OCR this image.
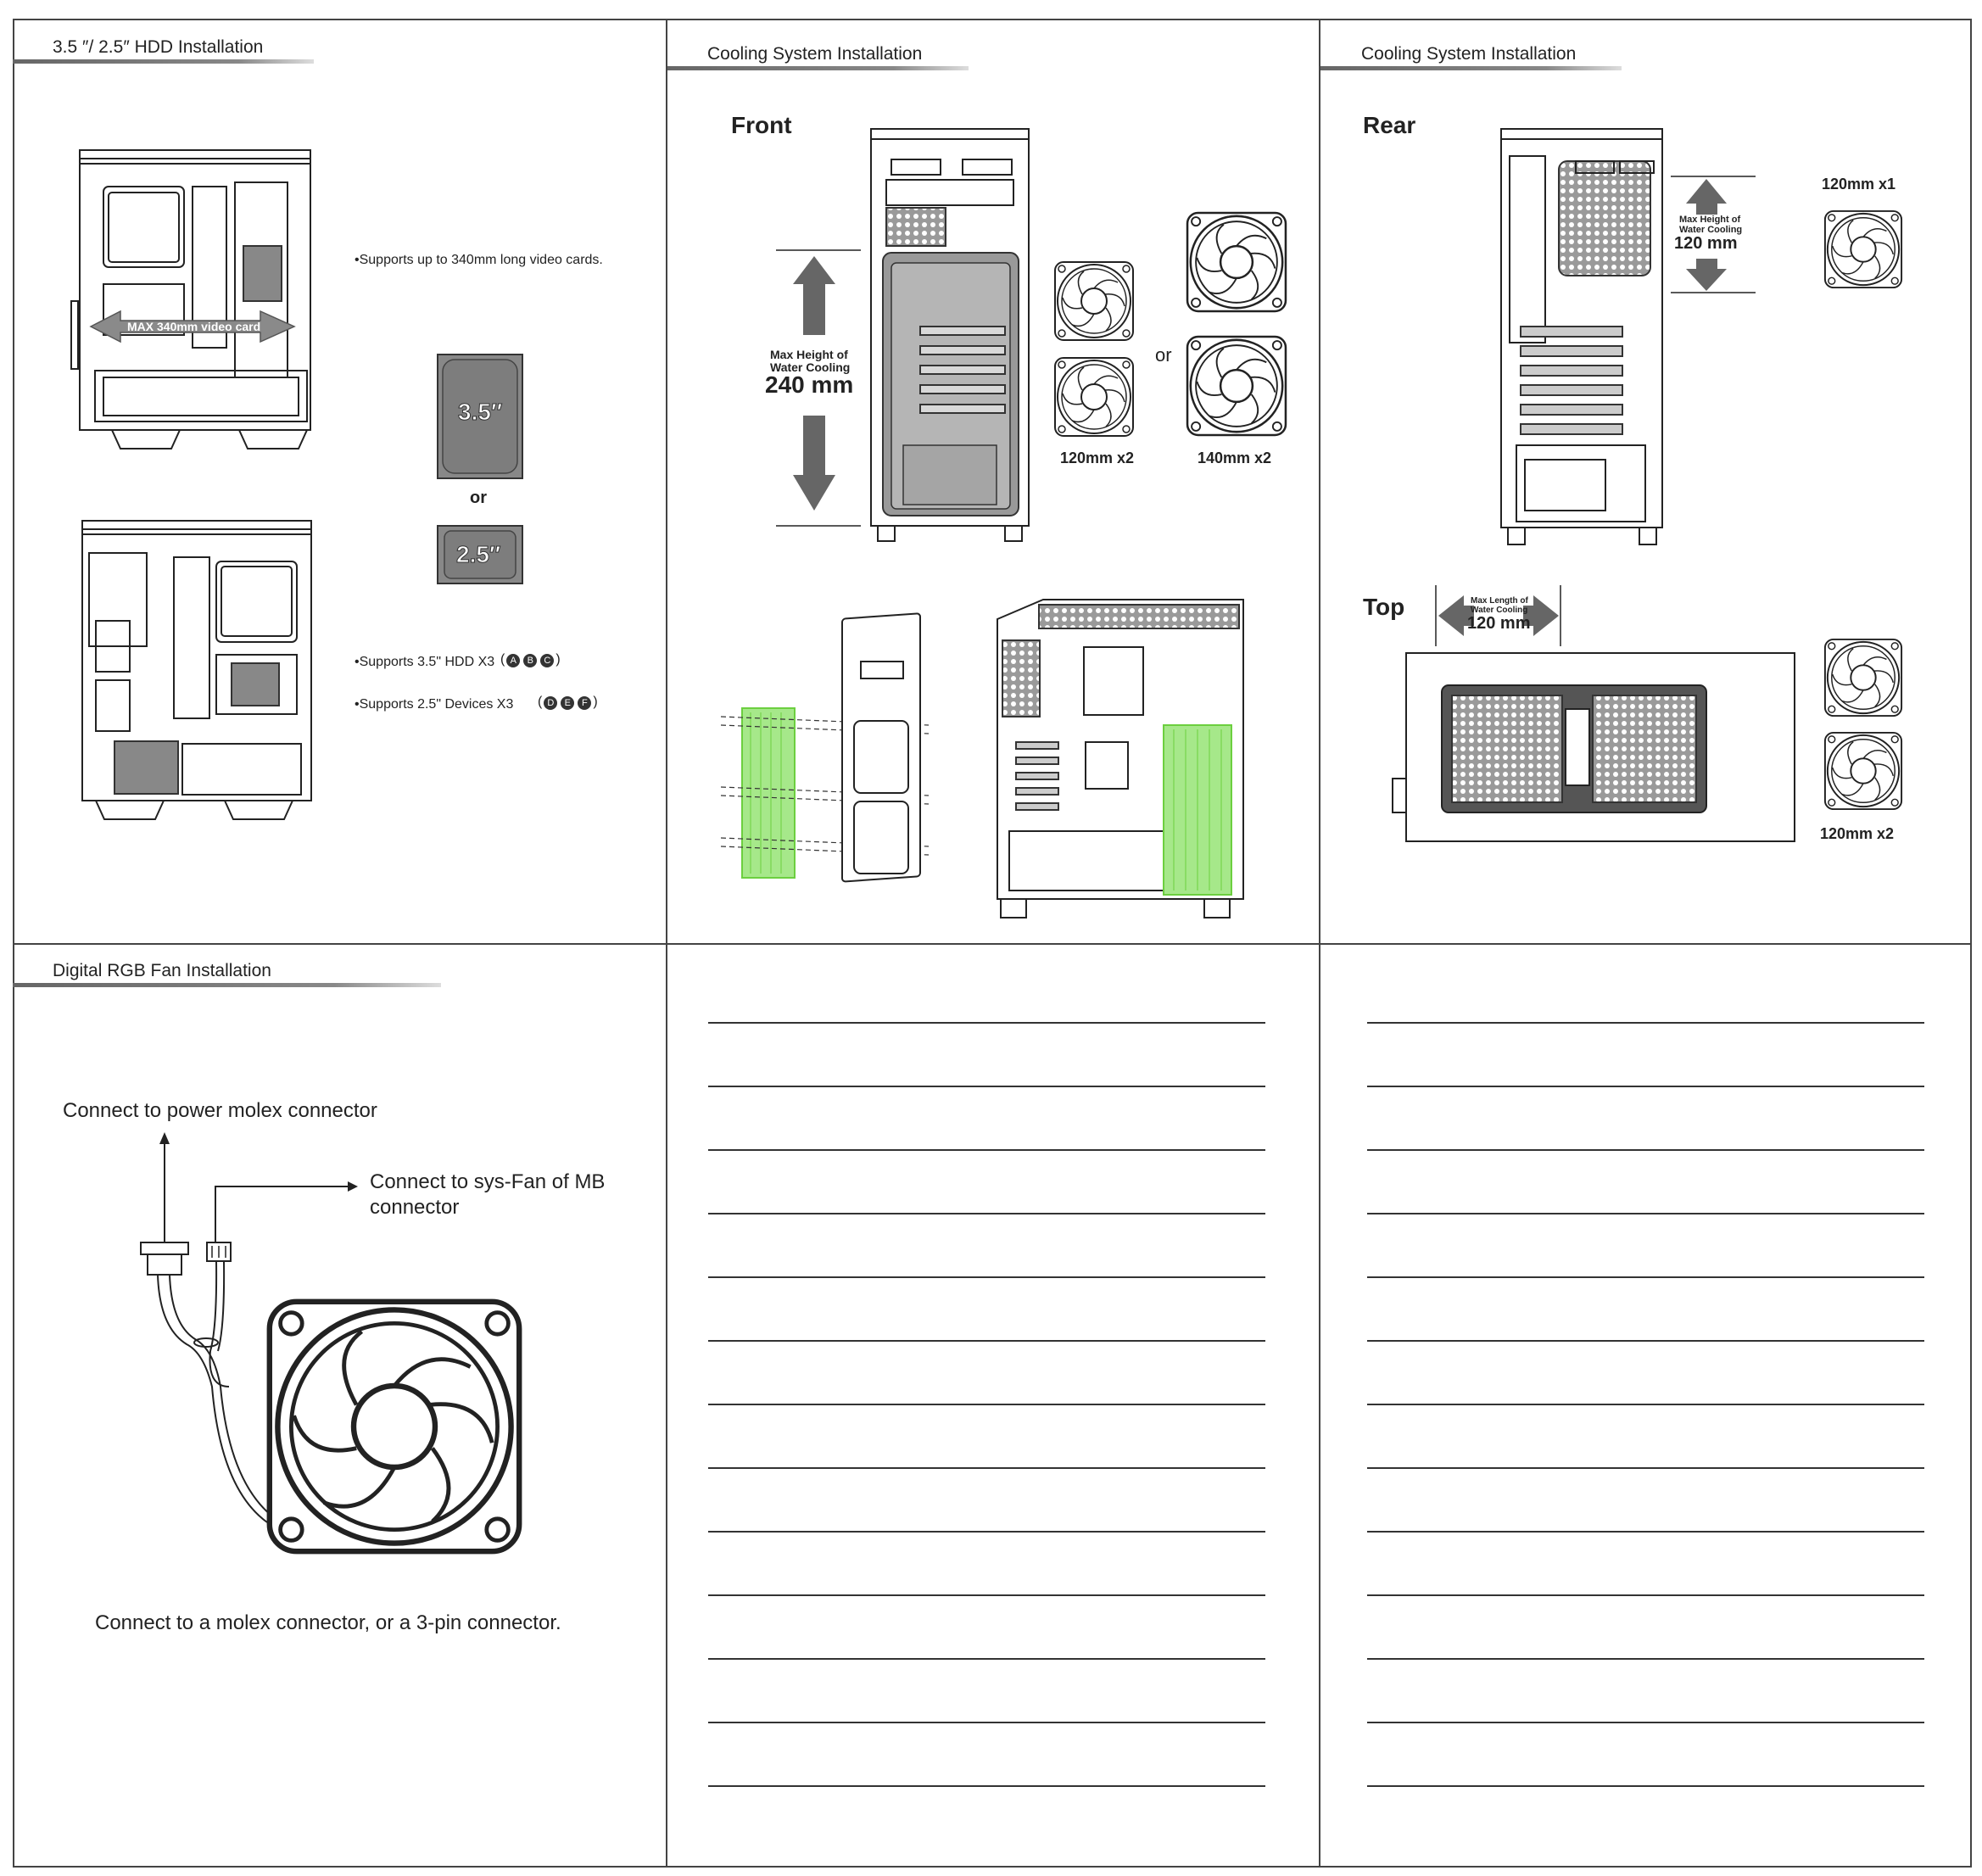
3.5 ″/ 2.5″ HDD Installation
MAX 340mm video card
•Supports up to 340mm long video cards.
3.5″
or
2.5″
•Supports 3.5" HDD X3 ( A B C )
•Supports 2.5" Devices X3 ( D E F )
Cooling System Installation
Front
Max Height of
Water Cooling
240 mm
or
120mm x2	140mm x2
Cooling System Installation
Rear
Max Height of
Water Cooling
120 mm
120mm x1
Top	Max Length of
Water Cooling
120 mm
120mm x2
Digital RGB Fan Installation
Connect to power molex connector
Connect to sys-Fan of MB
connector
Connect to a molex connector, or a 3-pin connector.
